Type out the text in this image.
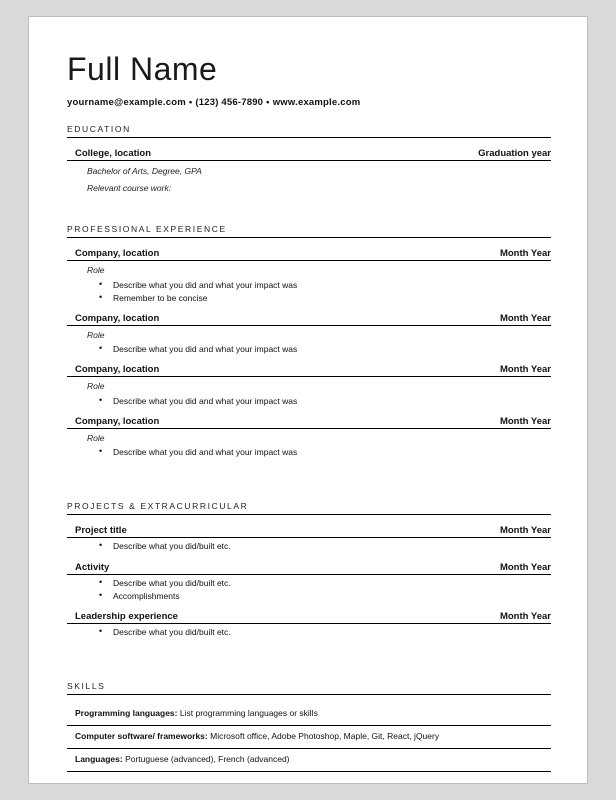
Full Name
yourname@example.com • (123) 456-7890 • www.example.com
EDUCATION
College, location	Graduation year
Bachelor of Arts, Degree, GPA
Relevant course work:
PROFESSIONAL EXPERIENCE
Company, location	Month Year
Role
• Describe what you did and what your impact was
• Remember to be concise
Company, location	Month Year
Role
• Describe what you did and what your impact was
Company, location	Month Year
Role
• Describe what you did and what your impact was
Company, location	Month Year
Role
• Describe what you did and what your impact was
PROJECTS & EXTRACURRICULAR
Project title	Month Year
• Describe what you did/built etc.
Activity	Month Year
• Describe what you did/built etc.
• Accomplishments
Leadership experience	Month Year
• Describe what you did/built etc.
SKILLS
Programming languages: List programming languages or skills
Computer software/ frameworks: Microsoft office, Adobe Photoshop, Maple, Git, React, jQuery
Languages: Portuguese (advanced), French (advanced)
